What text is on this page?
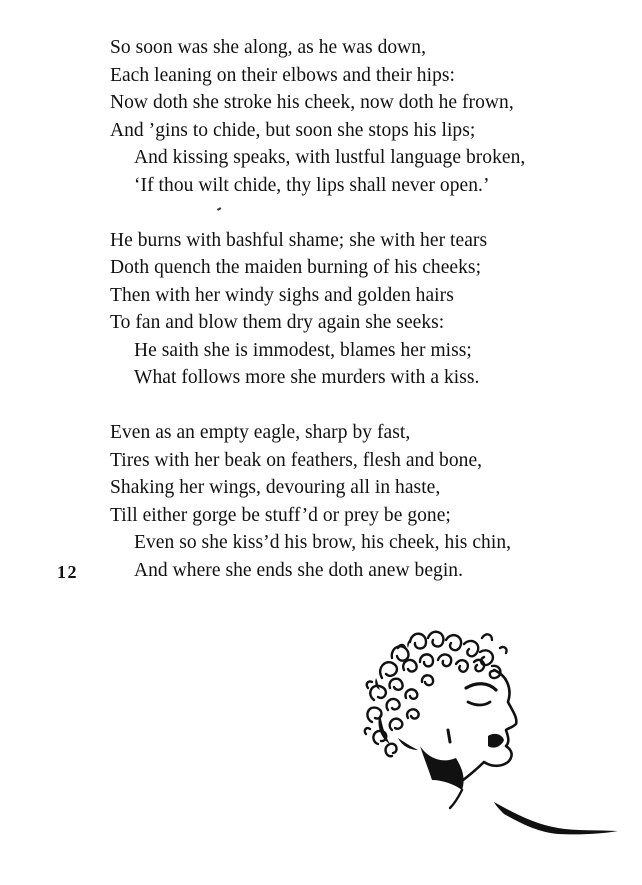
So soon was she along, as he was down,
Each leaning on their elbows and their hips:
Now doth she stroke his cheek, now doth he frown,
And ’gins to chide, but soon she stops his lips;
And kissing speaks, with lustful language broken,
‘If thou wilt chide, thy lips shall never open.’
He burns with bashful shame; she with her tears
Doth quench the maiden burning of his cheeks;
Then with her windy sighs and golden hairs
To fan and blow them dry again she seeks:
He saith she is immodest, blames her miss;
What follows more she murders with a kiss.
Even as an empty eagle, sharp by fast,
Tires with her beak on feathers, flesh and bone,
Shaking her wings, devouring all in haste,
Till either gorge be stuff’d or prey be gone;
Even so she kiss’d his brow, his cheek, his chin,
And where she ends she doth anew begin.
12
